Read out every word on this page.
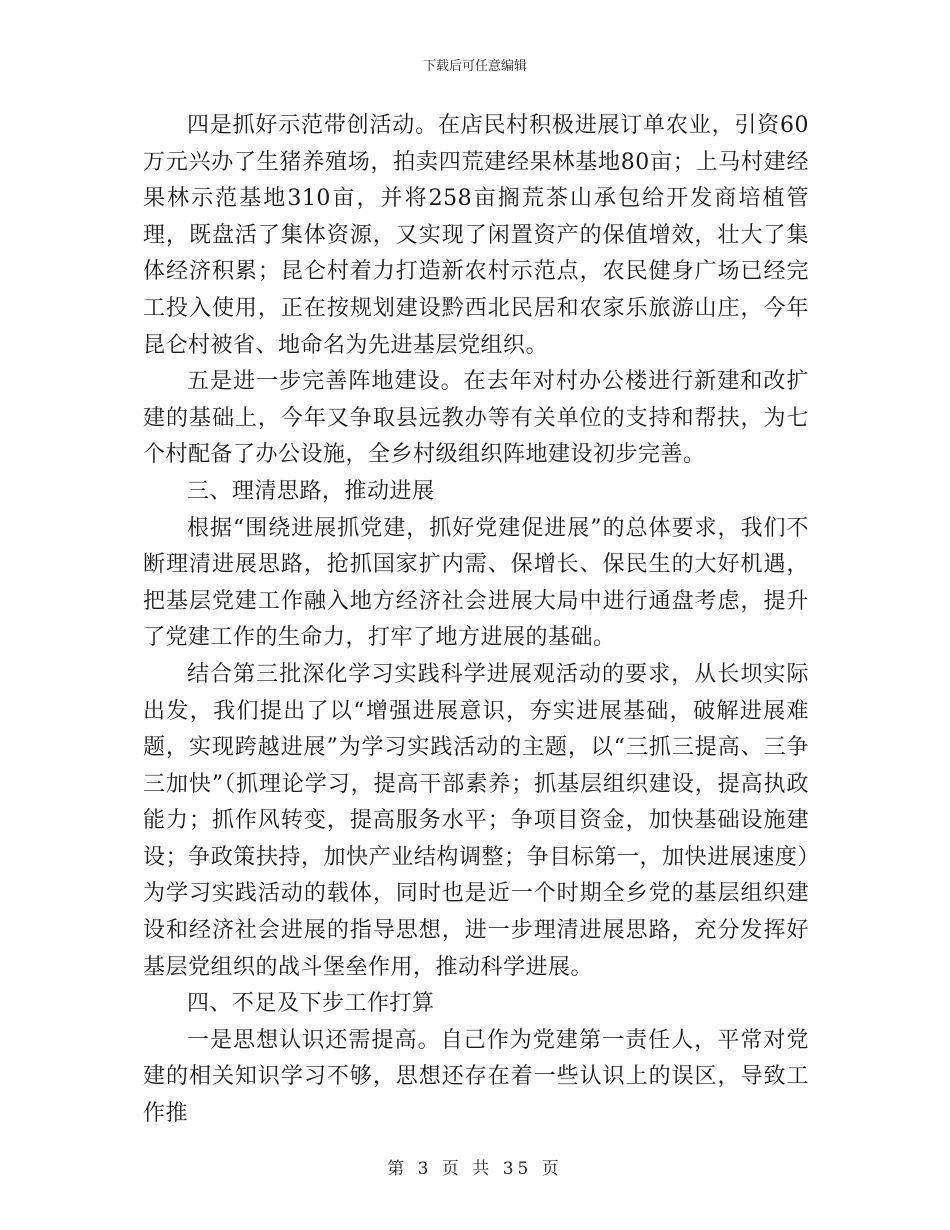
下载后可任意编辑

四是抓好示范带创活动。在店民村积极进展订单农业，引资60万元兴办了生猪养殖场，拍卖四荒建经果林基地80亩；上马村建经果林示范基地310亩，并将258亩搁荒茶山承包给开发商培植管理，既盘活了集体资源，又实现了闲置资产的保值增效，壮大了集体经济积累；昆仑村着力打造新农村示范点，农民健身广场已经完工投入使用，正在按规划建设黔西北民居和农家乐旅游山庄，今年昆仑村被省、地命名为先进基层党组织。

五是进一步完善阵地建设。在去年对村办公楼进行新建和改扩建的基础上，今年又争取县远教办等有关单位的支持和帮扶，为七个村配备了办公设施，全乡村级组织阵地建设初步完善。

三、理清思路，推动进展

根据“围绕进展抓党建，抓好党建促进展”的总体要求，我们不断理清进展思路，抢抓国家扩内需、保增长、保民生的大好机遇，把基层党建工作融入地方经济社会进展大局中进行通盘考虑，提升了党建工作的生命力，打牢了地方进展的基础。

结合第三批深化学习实践科学进展观活动的要求，从长坝实际出发，我们提出了以“增强进展意识，夯实进展基础，破解进展难题，实现跨越进展”为学习实践活动的主题，以“三抓三提高、三争三加快”（抓理论学习，提高干部素养；抓基层组织建设，提高执政能力；抓作风转变，提高服务水平；争项目资金，加快基础设施建设；争政策扶持，加快产业结构调整；争目标第一，加快进展速度）为学习实践活动的载体，同时也是近一个时期全乡党的基层组织建设和经济社会进展的指导思想，进一步理清进展思路，充分发挥好基层党组织的战斗堡垒作用，推动科学进展。

四、不足及下步工作打算

一是思想认识还需提高。自己作为党建第一责任人，平常对党建的相关知识学习不够，思想还存在着一些认识上的误区，导致工作推

第 3 页 共 35 页
